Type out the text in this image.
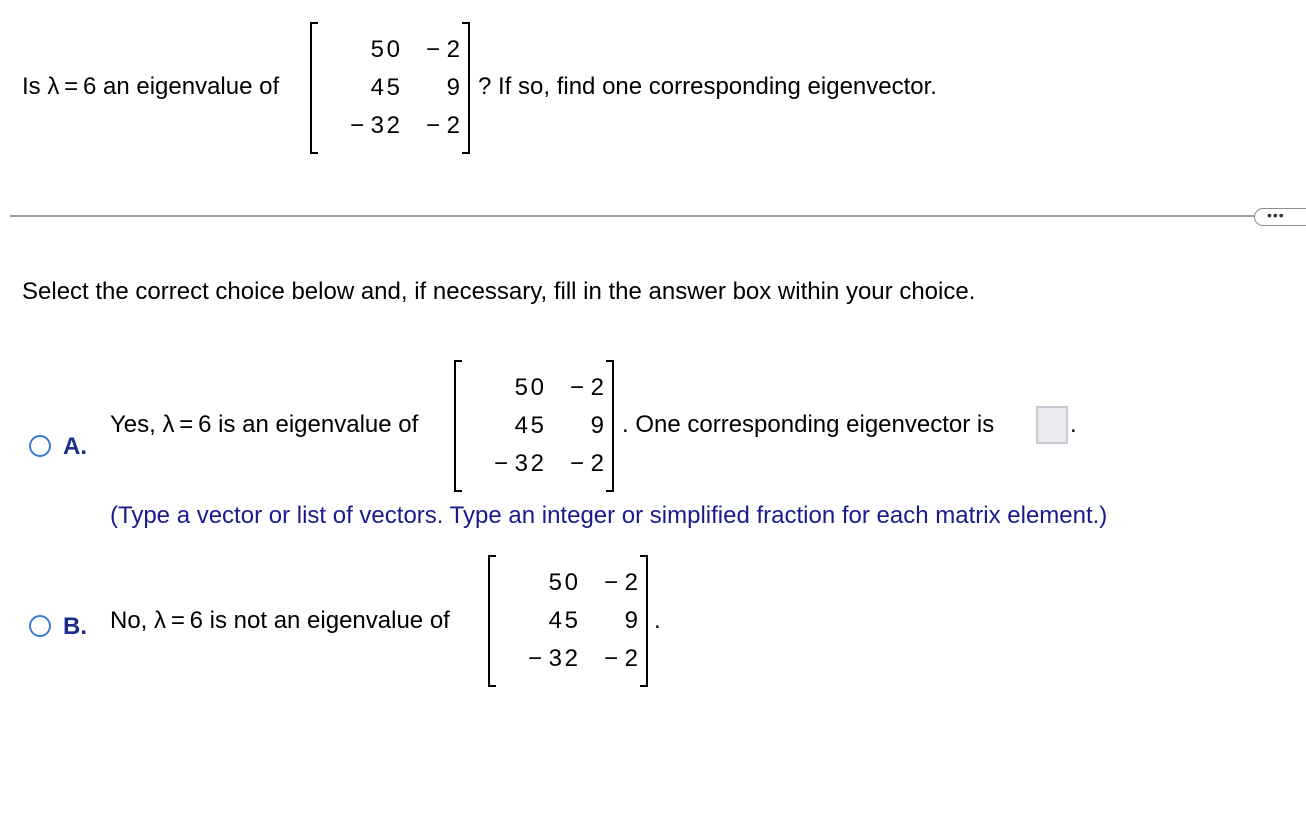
Is λ = 6 an eigenvalue of
5 0	− 2
4 5	9
− 3 2	− 2
? If so, find one corresponding eigenvector.
•••
Select the correct choice below and, if necessary, fill in the answer box within your choice.
A.
Yes, λ = 6 is an eigenvalue of
5 0	− 2
4 5	9
− 3 2	− 2
. One corresponding eigenvector is	.
(Type a vector or list of vectors. Type an integer or simplified fraction for each matrix element.)
B. No, λ = 6 is not an eigenvalue of
5 0	− 2
4 5	9
− 3 2	− 2
.
